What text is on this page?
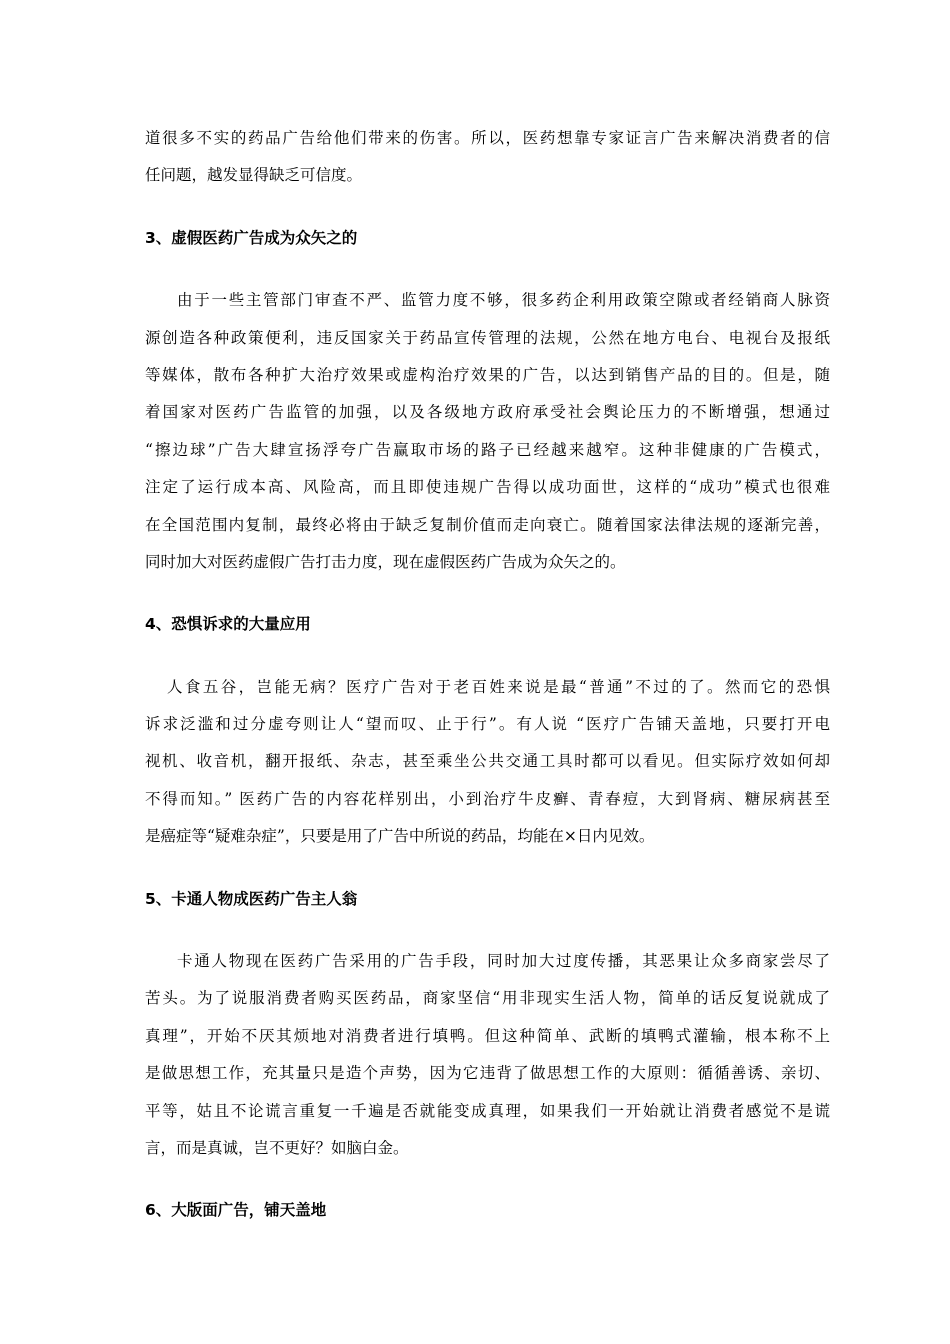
道很多不实的药品广告给他们带来的伤害。所以，医药想靠专家证言广告来解决消费者的信
任问题，越发显得缺乏可信度。
3、虚假医药广告成为众矢之的
由于一些主管部门审查不严、监管力度不够，很多药企利用政策空隙或者经销商人脉资
源创造各种政策便利，违反国家关于药品宣传管理的法规，公然在地方电台、电视台及报纸
等媒体，散布各种扩大治疗效果或虚构治疗效果的广告，以达到销售产品的目的。但是，随
着国家对医药广告监管的加强，以及各级地方政府承受社会舆论压力的不断增强，想通过
“擦边球”广告大肆宣扬浮夸广告赢取市场的路子已经越来越窄。这种非健康的广告模式，
注定了运行成本高、风险高，而且即使违规广告得以成功面世，这样的“成功”模式也很难
在全国范围内复制，最终必将由于缺乏复制价值而走向衰亡。随着国家法律法规的逐渐完善，
同时加大对医药虚假广告打击力度，现在虚假医药广告成为众矢之的。
4、恐惧诉求的大量应用
人食五谷，岂能无病？医疗广告对于老百姓来说是最“普通”不过的了。然而它的恐惧
诉求泛滥和过分虚夸则让人“望而叹、止于行”。有人说 “医疗广告铺天盖地，只要打开电
视机、收音机，翻开报纸、杂志，甚至乘坐公共交通工具时都可以看见。但实际疗效如何却
不得而知。” 医药广告的内容花样别出，小到治疗牛皮癣、青春痘，大到肾病、糖尿病甚至
是癌症等“疑难杂症”，只要是用了广告中所说的药品，均能在×日内见效。
5、卡通人物成医药广告主人翁
卡通人物现在医药广告采用的广告手段，同时加大过度传播，其恶果让众多商家尝尽了
苦头。为了说服消费者购买医药品，商家坚信“用非现实生活人物，简单的话反复说就成了
真理”，开始不厌其烦地对消费者进行填鸭。但这种简单、武断的填鸭式灌输，根本称不上
是做思想工作，充其量只是造个声势，因为它违背了做思想工作的大原则：循循善诱、亲切、
平等，姑且不论谎言重复一千遍是否就能变成真理，如果我们一开始就让消费者感觉不是谎
言，而是真诚，岂不更好？如脑白金。
6、大版面广告，铺天盖地
